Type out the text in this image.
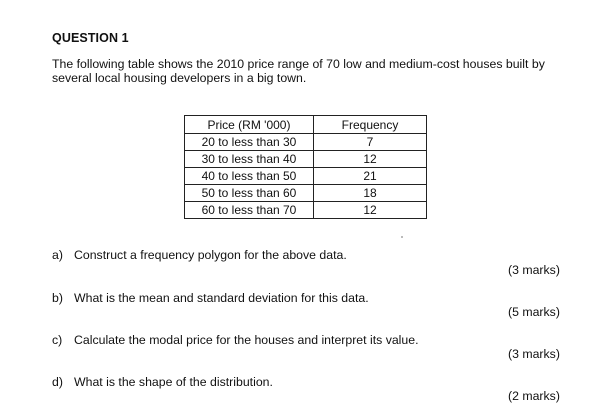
QUESTION 1
The following table shows the 2010 price range of 70 low and medium-cost houses built by several local housing developers in a big town.
Price (RM '000)	Frequency
20 to less than 30	7
30 to less than 40	12
40 to less than 50	21
50 to less than 60	18
60 to less than 70	12
a) Construct a frequency polygon for the above data.
(3 marks)
b) What is the mean and standard deviation for this data.
(5 marks)
c) Calculate the modal price for the houses and interpret its value.
(3 marks)
d) What is the shape of the distribution.
(2 marks)
